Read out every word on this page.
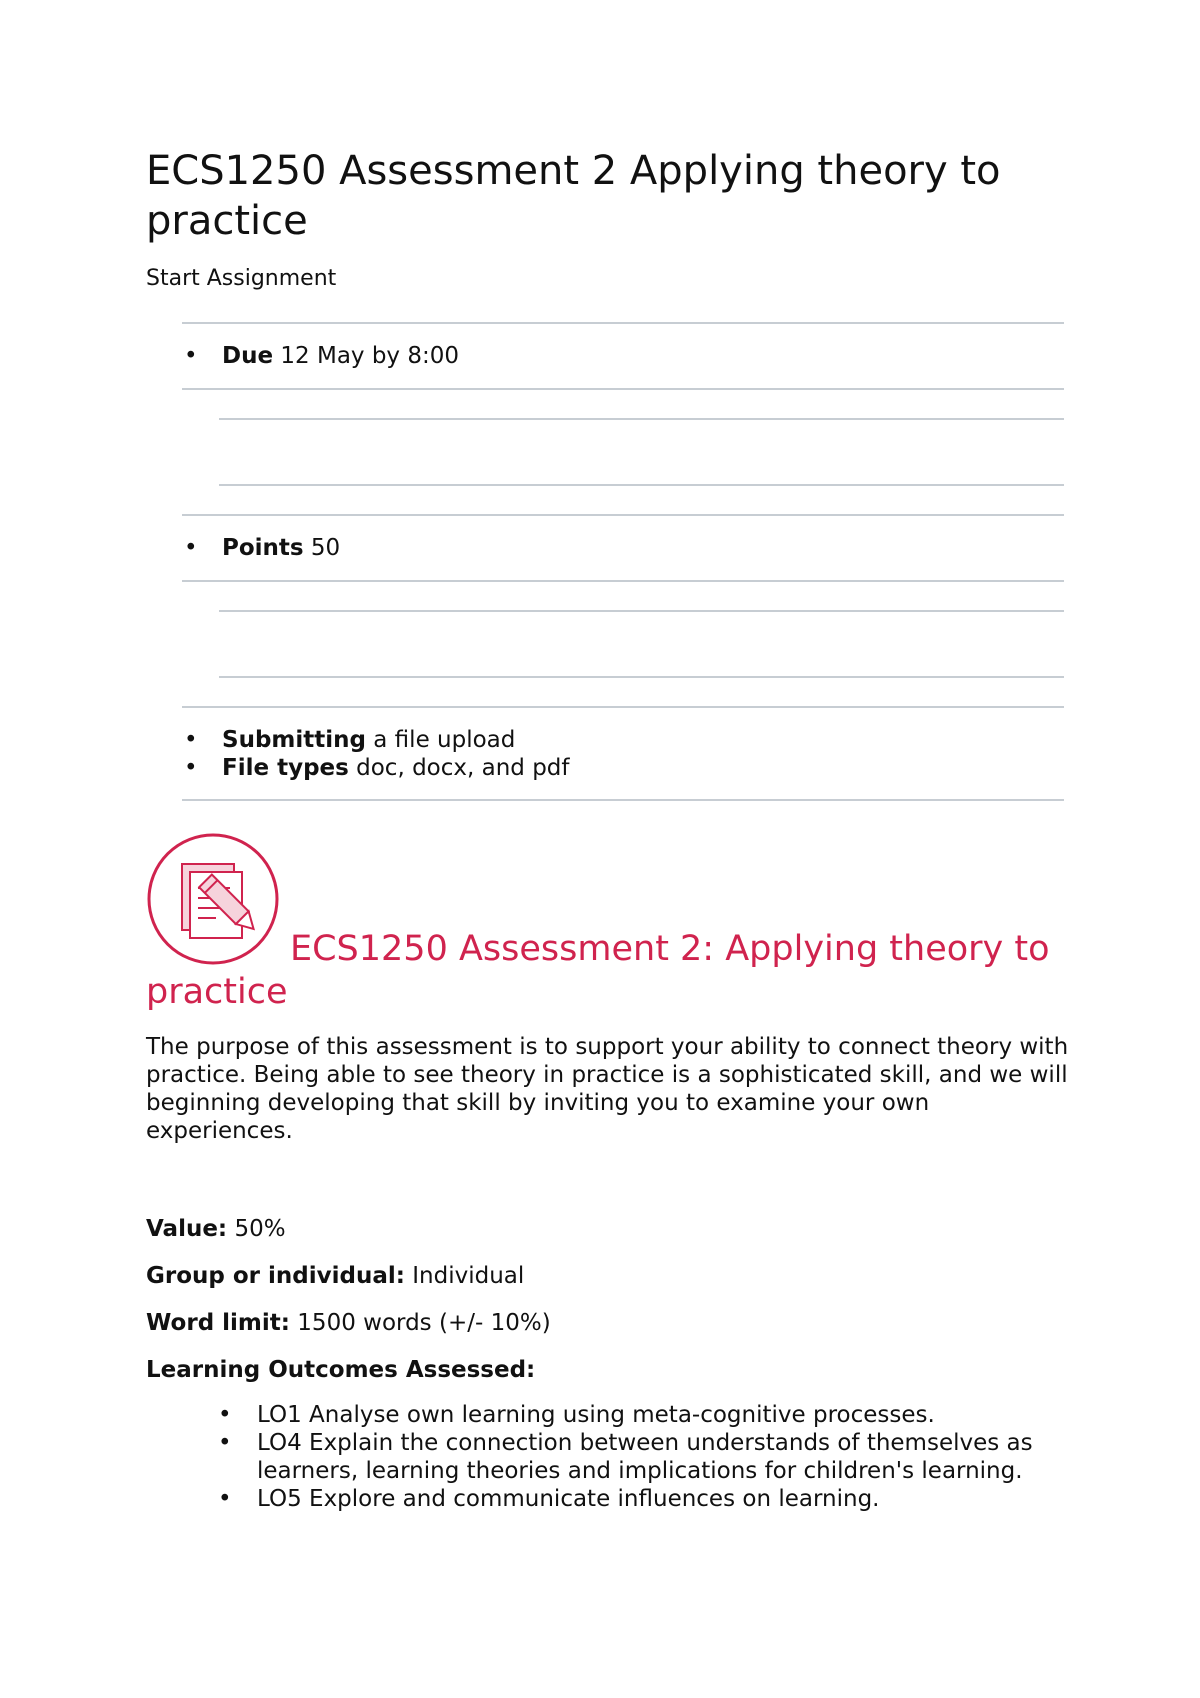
ECS1250 Assessment 2 Applying theory to practice
Start Assignment
• Due 12 May by 8:00
• Points 50
• Submitting a file upload
• File types doc, docx, and pdf
ECS1250 Assessment 2: Applying theory to practice

The purpose of this assessment is to support your ability to connect theory with practice. Being able to see theory in practice is a sophisticated skill, and we will beginning developing that skill by inviting you to examine your own experiences.

Value: 50%
Group or individual: Individual
Word limit: 1500 words (+/- 10%)
Learning Outcomes Assessed:
• LO1 Analyse own learning using meta-cognitive processes.
• LO4 Explain the connection between understands of themselves as learners, learning theories and implications for children's learning.
• LO5 Explore and communicate influences on learning.
